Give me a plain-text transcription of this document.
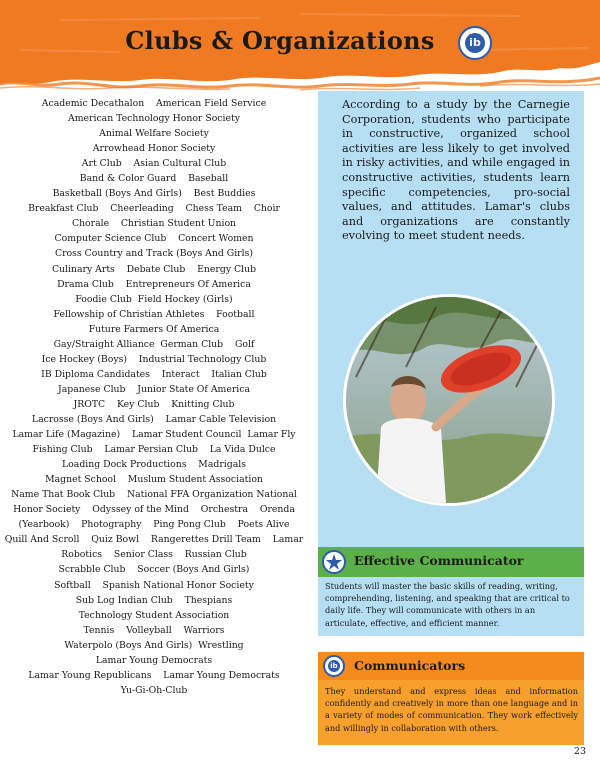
Clubs & Organizations	ib
Academic Decathalon    American Field Service
American Technology Honor Society
Animal Welfare Society
Arrowhead Honor Society
Art Club    Asian Cultural Club
Band & Color Guard    Baseball
Basketball (Boys And Girls)    Best Buddies
Breakfast Club    Cheerleading    Chess Team    Choir
Chorale    Christian Student Union
Computer Science Club    Concert Women
Cross Country and Track (Boys And Girls)
Culinary Arts    Debate Club    Energy Club
Drama Club    Entrepreneurs Of America
Foodie Club  Field Hockey (Girls)
Fellowship of Christian Athletes    Football
Future Farmers Of America
Gay/Straight Alliance  German Club    Golf
Ice Hockey (Boys)    Industrial Technology Club
IB Diploma Candidates    Interact    Italian Club
Japanese Club    Junior State Of America
JROTC    Key Club    Knitting Club
Lacrosse (Boys And Girls)    Lamar Cable Television
Lamar Life (Magazine)    Lamar Student Council  Lamar Fly
Fishing Club    Lamar Persian Club    La Vida Dulce
Loading Dock Productions    Madrigals
Magnet School    Muslum Student Association
Name That Book Club    National FFA Organization National
Honor Society    Odyssey of the Mind    Orchestra    Orenda
(Yearbook)    Photography    Ping Pong Club    Poets Alive
Quill And Scroll    Quiz Bowl    Rangerettes Drill Team    Lamar
Robotics    Senior Class    Russian Club
Scrabble Club    Soccer (Boys And Girls)
Softball    Spanish National Honor Society
Sub Log Indian Club    Thespians
Technology Student Association
Tennis    Volleyball    Warriors
Waterpolo (Boys And Girls)  Wrestling
Lamar Young Democrats
Lamar Young Republicans    Lamar Young Democrats
Yu-Gi-Oh-Club

According to a study by the Carnegie Corporation, students who participate in constructive, organized school activities are less likely to get involved in risky activities, and while engaged in constructive activities, students learn specific competencies, pro-social values, and attitudes. Lamar's clubs and organizations are constantly evolving to meet student needs.

Effective Communicator

Students will master the basic skills of reading, writing, comprehending, listening, and speaking that are critical to daily life. They will communicate with others in an articulate, effective, and efficient manner.

ib Communicators

They understand and express ideas and information confidently and creatively in more than one language and in a variety of modes of communication. They work effectively and willingly in collaboration with others.

23
